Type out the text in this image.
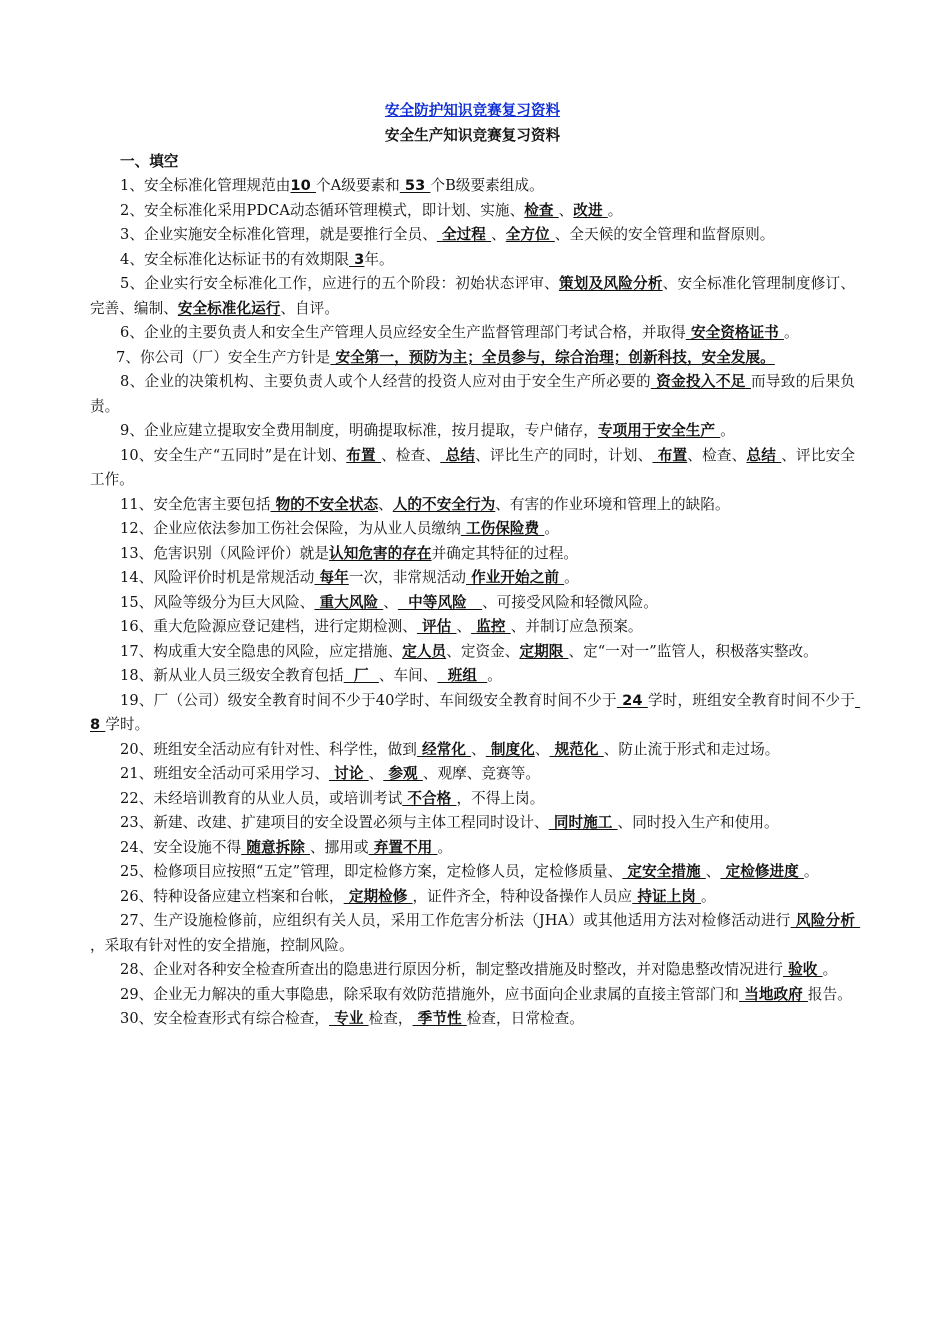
安全防护知识竞赛复习资料
安全生产知识竞赛复习资料
一、填空

1、安全标准化管理规范由10 个A级要素和 53 个B级要素组成。

2、安全标准化采用PDCA动态循环管理模式，即计划、实施、检查 、改进 。

3、企业实施安全标准化管理，就是要推行全员、 全过程 、全方位 、全天候的安全管理和监督原则。

4、安全标准化达标证书的有效期限 3年。

5、企业实行安全标准化工作，应进行的五个阶段：初始状态评审、策划及风险分析、安全标准化管理制度修订、完善、编制、安全标准化运行、自评。

6、企业的主要负责人和安全生产管理人员应经安全生产监督管理部门考试合格，并取得 安全资格证书 。

7、你公司（厂）安全生产方针是 安全第一，预防为主；全员参与，综合治理；创新科技，安全发展。

8、企业的决策机构、主要负责人或个人经营的投资人应对由于安全生产所必要的 资金投入不足 而导致的后果负责。

9、企业应建立提取安全费用制度，明确提取标准，按月提取，专户储存，专项用于安全生产 。

10、安全生产“五同时”是在计划、布置 、检查、 总结、评比生产的同时，计划、 布置、检查、总结 、评比安全工作。

11、安全危害主要包括 物的不安全状态、人的不安全行为、有害的作业环境和管理上的缺陷。

12、企业应依法参加工伤社会保险，为从业人员缴纳 工伤保险费 。

13、危害识别（风险评价）就是认知危害的存在并确定其特征的过程。

14、风险评价时机是常规活动 每年一次，非常规活动 作业开始之前 。

15、风险等级分为巨大风险、 重大风险 、  中等风险   、可接受风险和轻微风险。

16、重大危险源应登记建档，进行定期检测、 评估 、 监控 、并制订应急预案。

17、构成重大安全隐患的风险，应定措施、定人员、定资金、定期限 、定“一对一”监管人，积极落实整改。

18、新从业人员三级安全教育包括  厂  、车间、  班组  。

19、厂（公司）级安全教育时间不少于40学时、车间级安全教育时间不少于 24 学时，班组安全教育时间不少于 8 学时。

20、班组安全活动应有针对性、科学性，做到 经常化 、 制度化、 规范化 、防止流于形式和走过场。

21、班组安全活动可采用学习、 讨论 、 参观 、观摩、竞赛等。

22、未经培训教育的从业人员，或培训考试 不合格 ，不得上岗。

23、新建、改建、扩建项目的安全设置必须与主体工程同时设计、 同时施工 、同时投入生产和使用。

24、安全设施不得 随意拆除 、挪用或 弃置不用 。

25、检修项目应按照“五定”管理，即定检修方案，定检修人员，定检修质量、 定安全措施 、 定检修进度 。

26、特种设备应建立档案和台帐， 定期检修 ，证件齐全，特种设备操作人员应 持证上岗 。

27、生产设施检修前，应组织有关人员，采用工作危害分析法（JHA）或其他适用方法对检修活动进行 风险分析 ，采取有针对性的安全措施，控制风险。

28、企业对各种安全检查所查出的隐患进行原因分析，制定整改措施及时整改，并对隐患整改情况进行 验收 。

29、企业无力解决的重大事隐患，除采取有效防范措施外，应书面向企业隶属的直接主管部门和 当地政府 报告。

30、安全检查形式有综合检查， 专业 检查， 季节性 检查，日常检查。
